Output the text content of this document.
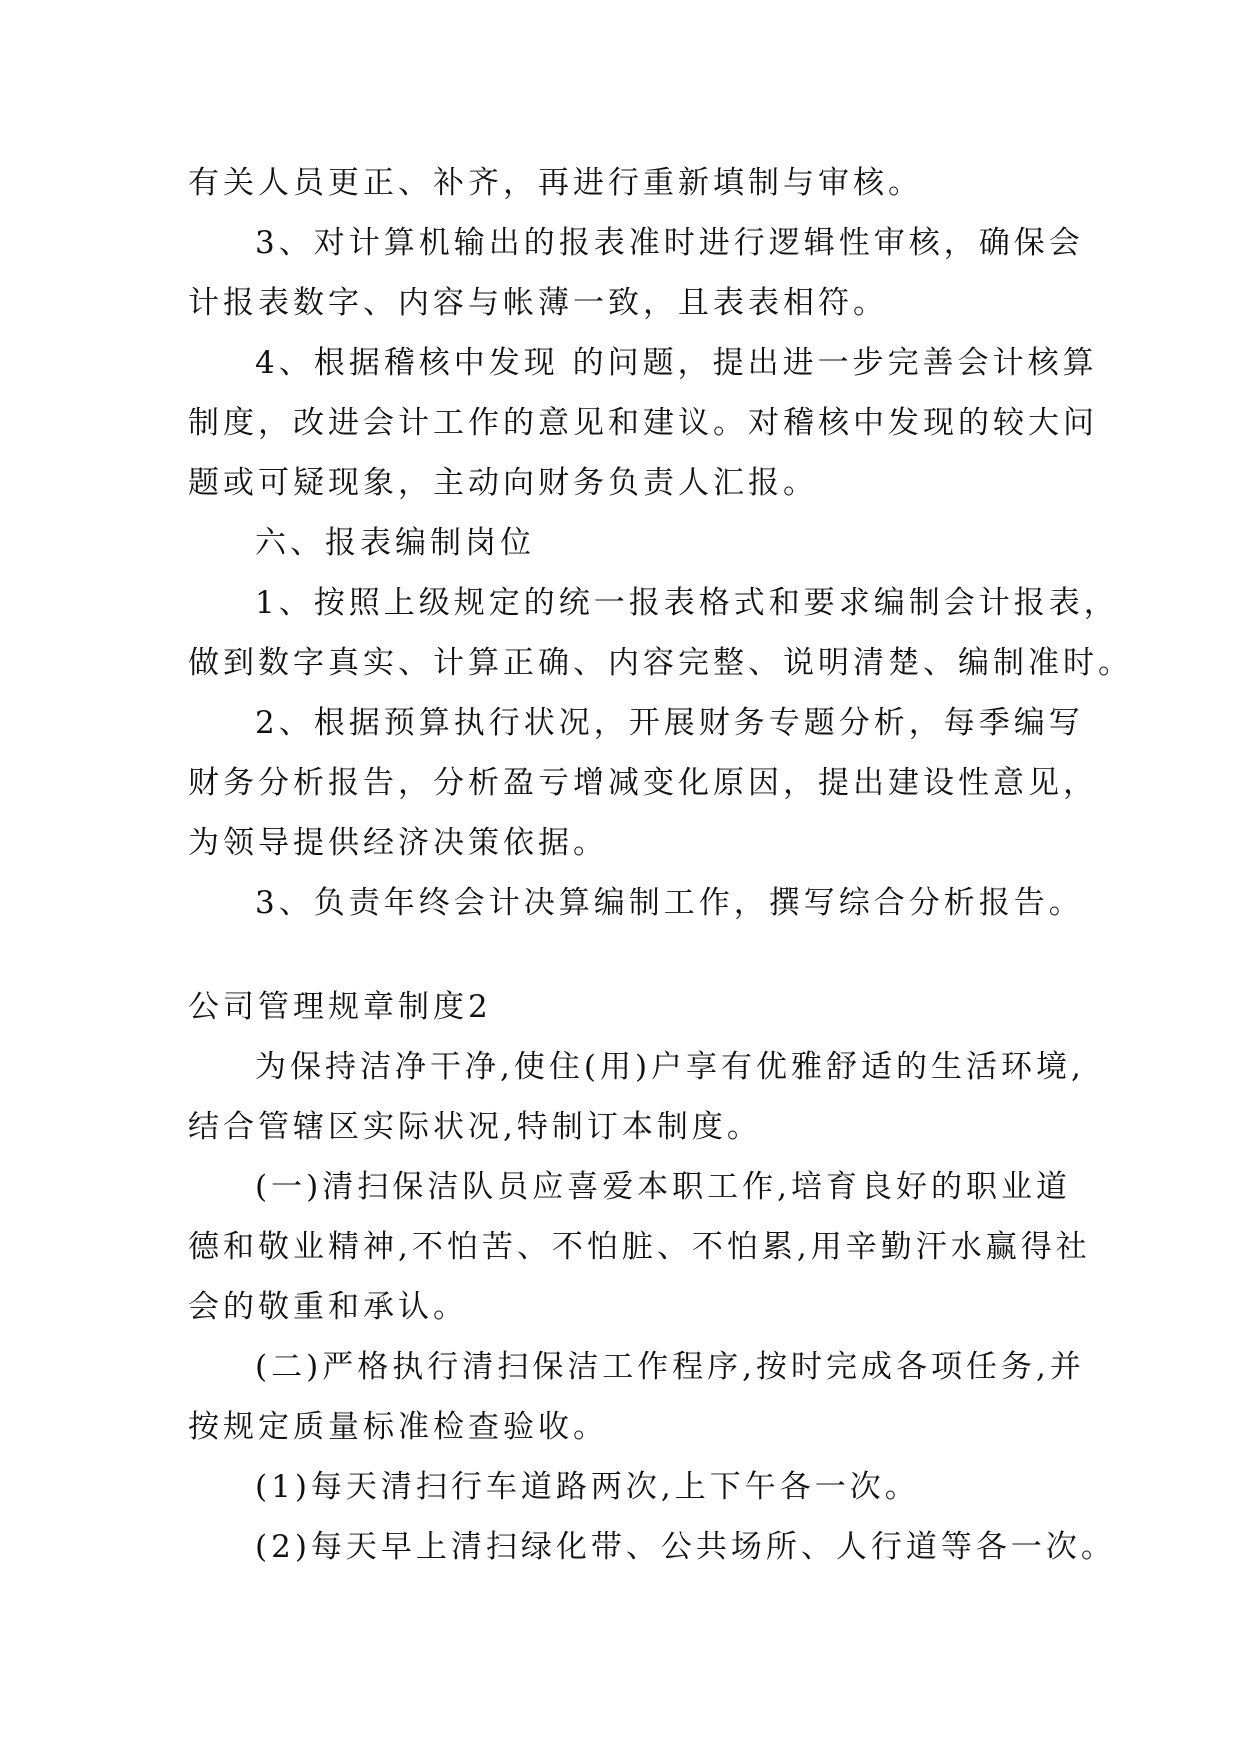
有关人员更正、补齐，再进行重新填制与审核。
3、对计算机输出的报表准时进行逻辑性审核，确保会
计报表数字、内容与帐薄一致，且表表相符。
4、根据稽核中发现 的问题，提出进一步完善会计核算
制度，改进会计工作的意见和建议。对稽核中发现的较大问
题或可疑现象，主动向财务负责人汇报。
六、报表编制岗位
1、按照上级规定的统一报表格式和要求编制会计报表，
做到数字真实、计算正确、内容完整、说明清楚、编制准时。
2、根据预算执行状况，开展财务专题分析，每季编写
财务分析报告，分析盈亏增减变化原因，提出建设性意见，
为领导提供经济决策依据。
3、负责年终会计决算编制工作，撰写综合分析报告。
公司管理规章制度2
为保持洁净干净,使住(用)户享有优雅舒适的生活环境,
结合管辖区实际状况,特制订本制度。
(一)清扫保洁队员应喜爱本职工作,培育良好的职业道
德和敬业精神,不怕苦、不怕脏、不怕累,用辛勤汗水赢得社
会的敬重和承认。
(二)严格执行清扫保洁工作程序,按时完成各项任务,并
按规定质量标准检查验收。
(1)每天清扫行车道路两次,上下午各一次。
(2)每天早上清扫绿化带、公共场所、人行道等各一次。
